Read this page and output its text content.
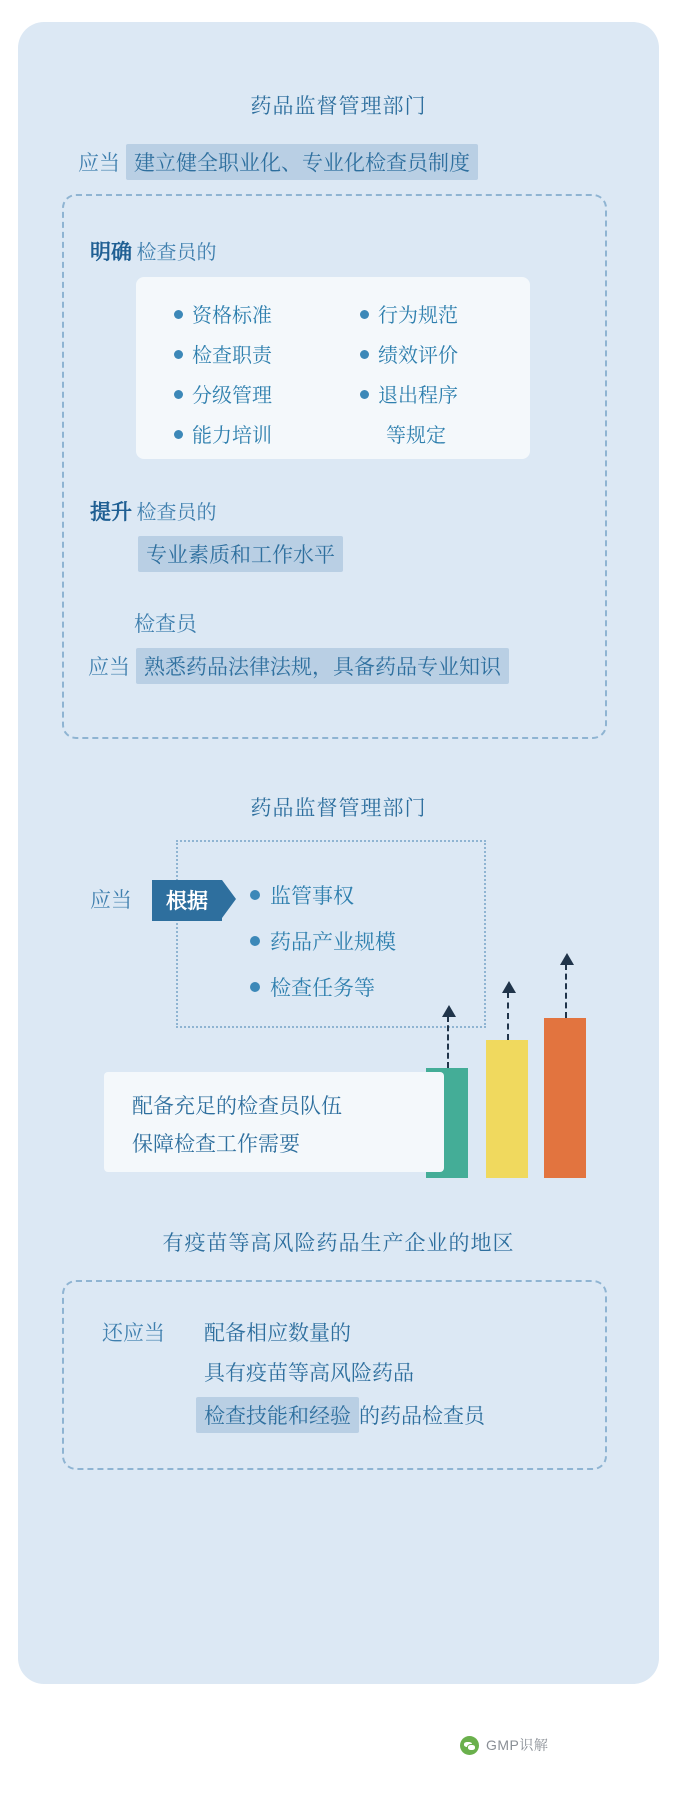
药品监督管理部门
应当 建立健全职业化、专业化检查员制度
明确 检查员的
资格标准
检查职责
分级管理
能力培训
行为规范
绩效评价
退出程序
等规定
提升 检查员的
专业素质和工作水平
检查员
应当 熟悉药品法律法规，具备药品专业知识
药品监督管理部门
应当	根据	监管事权
药品产业规模
检查任务等
配备充足的检查员队伍
保障检查工作需要
有疫苗等高风险药品生产企业的地区
还应当 配备相应数量的
具有疫苗等高风险药品
检查技能和经验 的药品检查员
GMP识解
